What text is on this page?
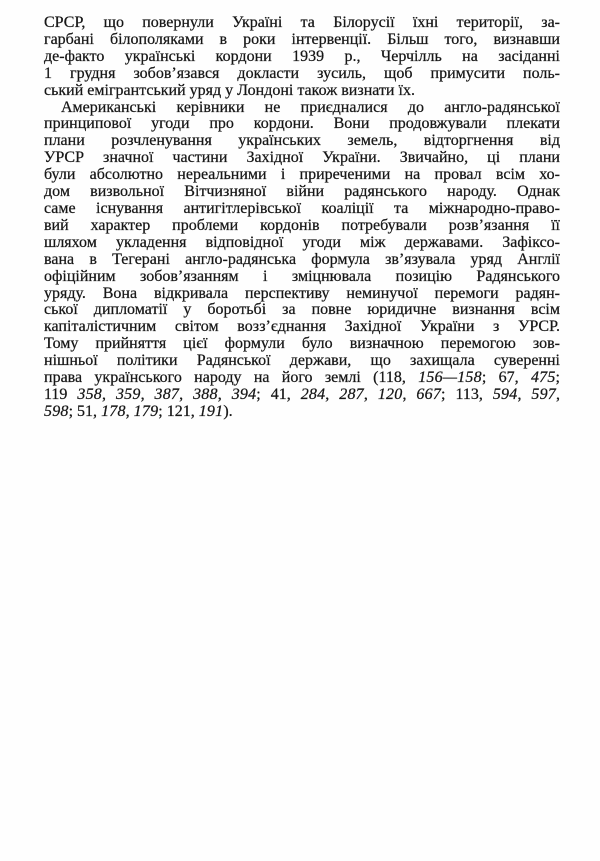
СРСР, що повернули Україні та Білорусії їхні території, за-
гарбані білополяками в роки інтервенції. Більш того, визнавши
де-факто українські кордони 1939 р., Черчілль на засіданні
1 грудня зобов’язався докласти зусиль, щоб примусити поль-
ський емігрантський уряд у Лондоні також визнати їх.
Американські керівники не приєдналися до англо-радянської
принципової угоди про кордони. Вони продовжували плекати
плани розчленування українських земель, відторгнення від
УРСР значної частини Західної України. Звичайно, ці плани
були абсолютно нереальними і приреченими на провал всім хо-
дом визвольної Вітчизняної війни радянського народу. Однак
саме існування антигітлерівської коаліції та міжнародно-право-
вий характер проблеми кордонів потребували розв’язання її
шляхом укладення відповідної угоди між державами. Зафіксо-
вана в Тегерані англо-радянська формула зв’язувала уряд Англії
офіційним зобов’язанням і зміцнювала позицію Радянського
уряду. Вона відкривала перспективу неминучої перемоги радян-
ської дипломатії у боротьбі за повне юридичне визнання всім
капіталістичним світом возз’єднання Західної України з УРСР.
Тому прийняття цієї формули було визначною перемогою зов-
нішньої політики Радянської держави, що захищала суверенні
права українського народу на його землі (118, 156—158; 67, 475;
119 358, 359, 387, 388, 394; 41, 284, 287, 120, 667; 113, 594, 597,
598; 51, 178, 179; 121, 191).
